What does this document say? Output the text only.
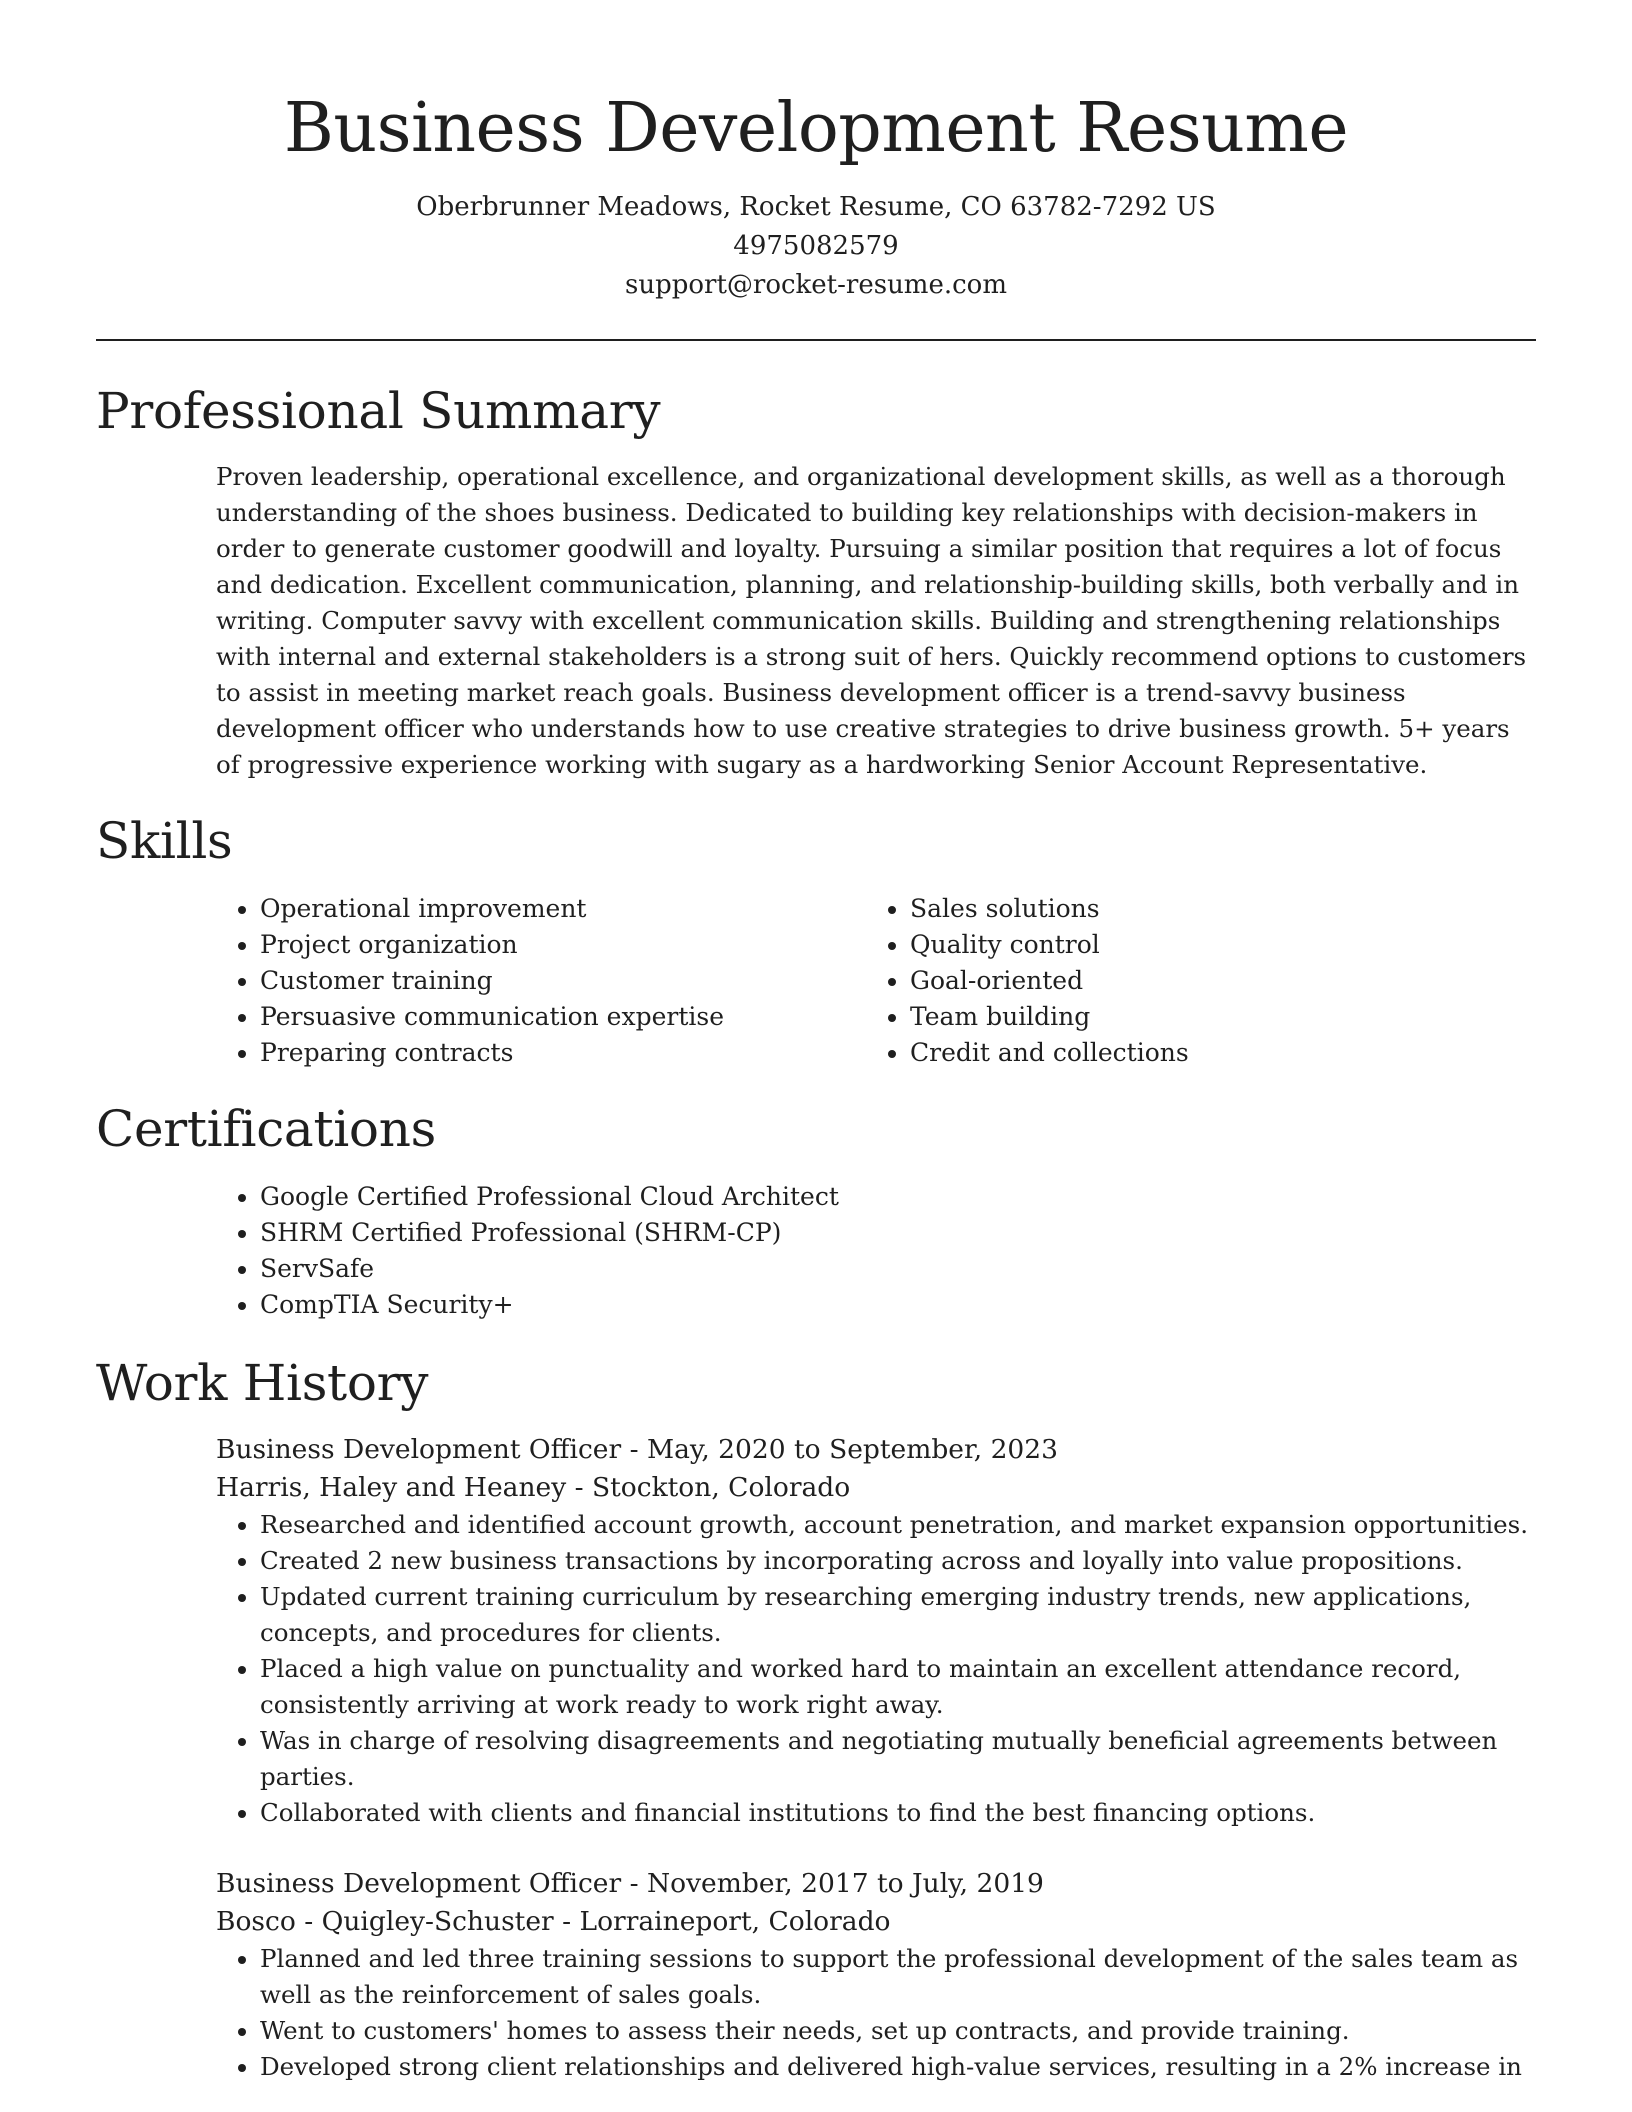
Business Development Resume
Oberbrunner Meadows, Rocket Resume, CO 63782-7292 US
4975082579
support@rocket-resume.com
Professional Summary

Proven leadership, operational excellence, and organizational development skills, as well as a thorough understanding of the shoes business. Dedicated to building key relationships with decision-makers in order to generate customer goodwill and loyalty. Pursuing a similar position that requires a lot of focus and dedication. Excellent communication, planning, and relationship-building skills, both verbally and in writing. Computer savvy with excellent communication skills. Building and strengthening relationships with internal and external stakeholders is a strong suit of hers. Quickly recommend options to customers to assist in meeting market reach goals. Business development officer is a trend-savvy business development officer who understands how to use creative strategies to drive business growth. 5+ years of progressive experience working with sugary as a hardworking Senior Account Representative.

Skills
• Operational improvement
• Project organization
• Customer training
• Persuasive communication expertise
• Preparing contracts
• Sales solutions
• Quality control
• Goal-oriented
• Team building
• Credit and collections
Certifications
• Google Certified Professional Cloud Architect
• SHRM Certified Professional (SHRM-CP)
• ServSafe
• CompTIA Security+
Work History
Business Development Officer - May, 2020 to September, 2023
Harris, Haley and Heaney - Stockton, Colorado
• Researched and identified account growth, account penetration, and market expansion opportunities.
• Created 2 new business transactions by incorporating across and loyally into value propositions.
• Updated current training curriculum by researching emerging industry trends, new applications, concepts, and procedures for clients.
• Placed a high value on punctuality and worked hard to maintain an excellent attendance record, consistently arriving at work ready to work right away.
• Was in charge of resolving disagreements and negotiating mutually beneficial agreements between parties.
• Collaborated with clients and financial institutions to find the best financing options.
Business Development Officer - November, 2017 to July, 2019
Bosco - Quigley-Schuster - Lorraineport, Colorado
• Planned and led three training sessions to support the professional development of the sales team as well as the reinforcement of sales goals.
• Went to customers' homes to assess their needs, set up contracts, and provide training.
• Developed strong client relationships and delivered high-value services, resulting in a 2% increase in
